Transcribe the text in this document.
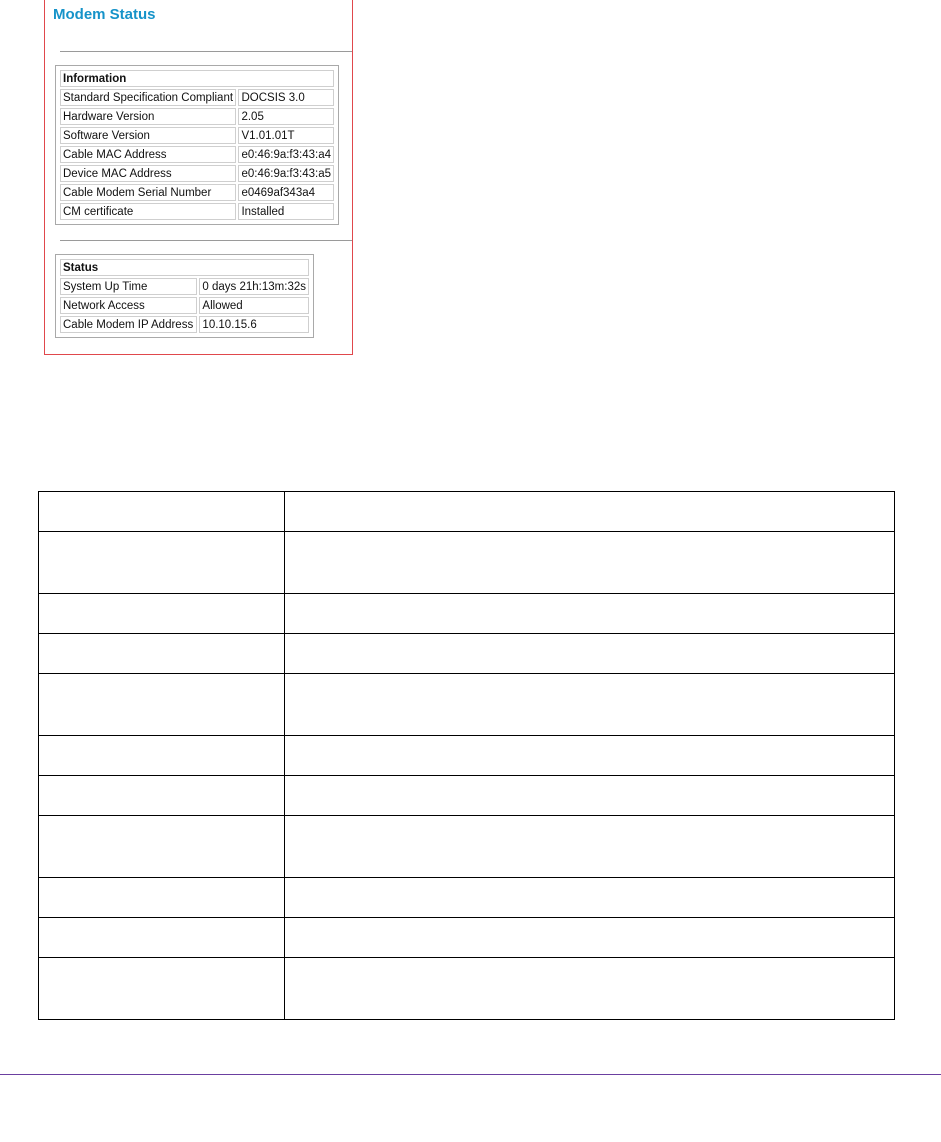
Modem Status
Information	
Standard Specification Compliant	DOCSIS 3.0
Hardware Version	2.05
Software Version	V1.01.01T
Cable MAC Address	e0:46:9a:f3:43:a4
Device MAC Address	e0:46:9a:f3:43:a5
Cable Modem Serial Number	e0469af343a4
CM certificate	Installed
Status	
System Up Time	0 days 21h:13m:32s
Network Access	Allowed
Cable Modem IP Address	10.10.15.6
